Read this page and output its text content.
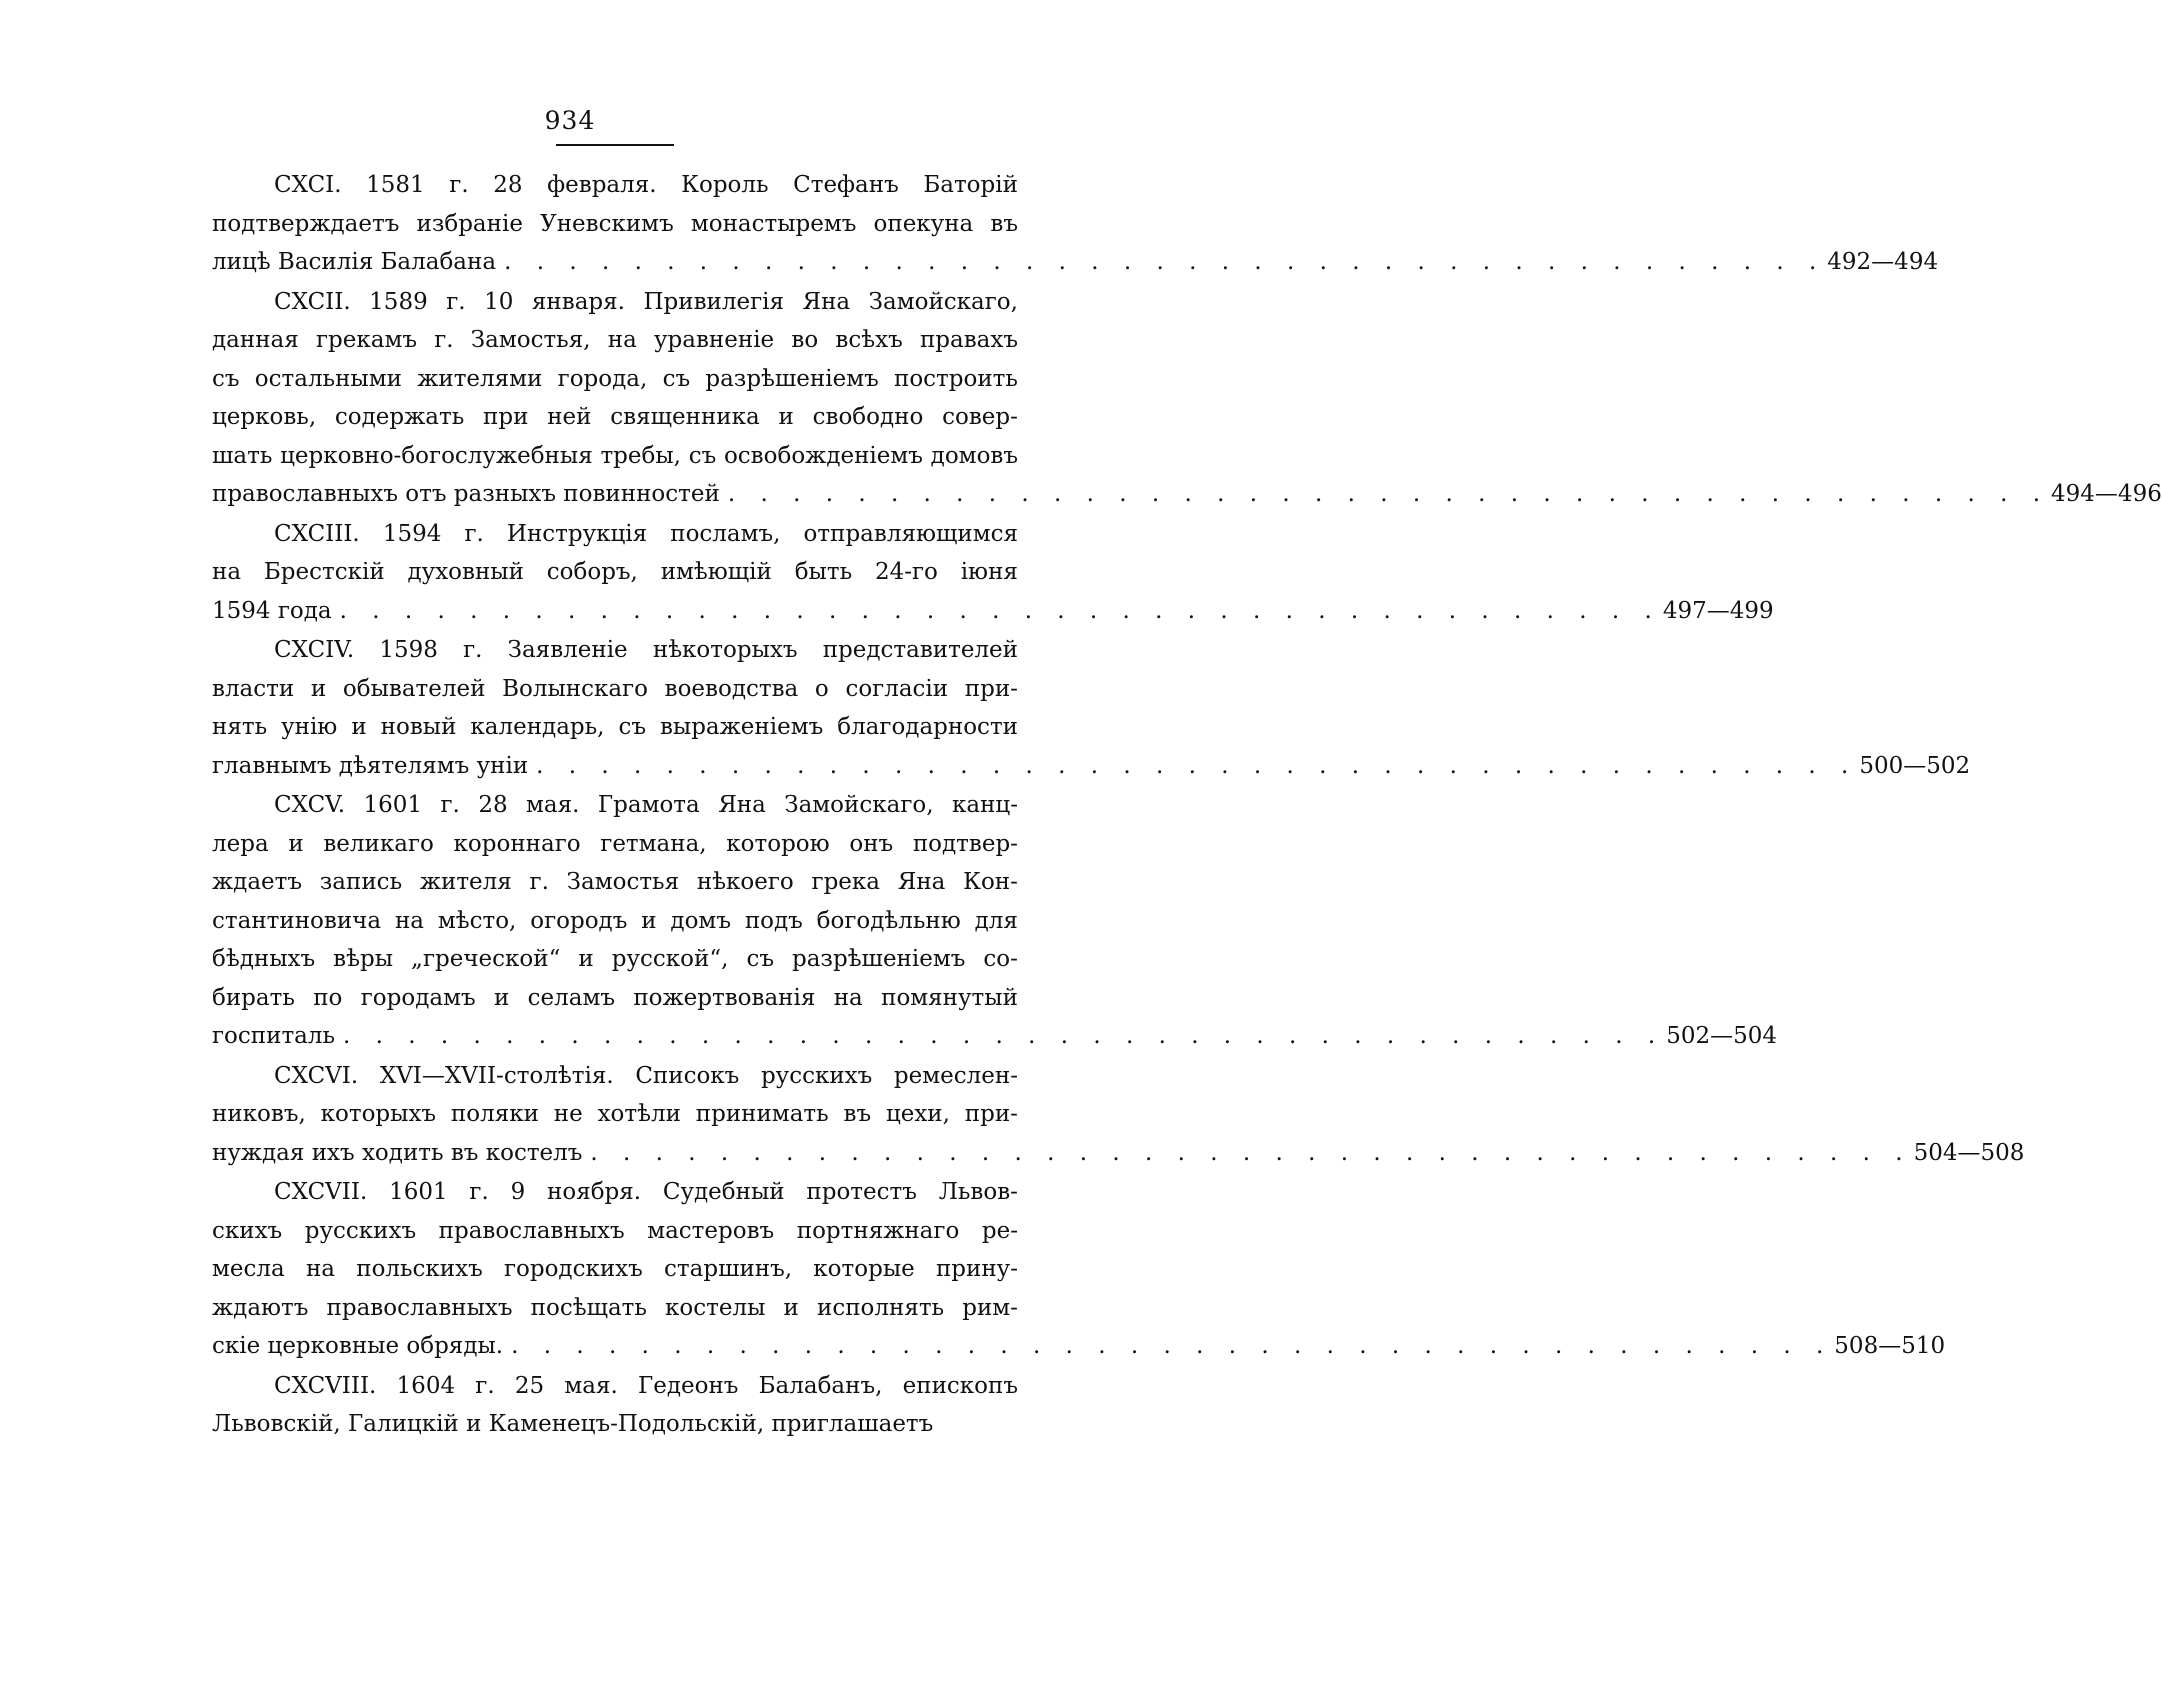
934
CXCI. 1581 г. 28 февраля. Король Стефанъ Баторій
подтверждаетъ избраніе Уневскимъ монастыремъ опекуна въ
лицѣ Василія Балабана . . . . . . . . . . . . . . . . . . . . . . . . . . . . . . . . . . . . . . . . . 492—494
CXCII. 1589 г. 10 января. Привилегія Яна Замойскаго,
данная грекамъ г. Замостья, на уравненіе во всѣхъ правахъ
съ остальными жителями города, съ разрѣшеніемъ построить
церковь, содержать при ней священника и свободно совер-
шать церковно-богослужебныя требы, съ освобожденіемъ домовъ
православныхъ отъ разныхъ повинностей . . . . . . . . . . . . . . . . . . . . . . . . . . . . . . . . . . . . . . . . . 494—496
CXCIII. 1594 г. Инструкція посламъ, отправляющимся
на Брестскій духовный соборъ, имѣющій быть 24-го іюня
1594 года . . . . . . . . . . . . . . . . . . . . . . . . . . . . . . . . . . . . . . . . . 497—499
CXCIV. 1598 г. Заявленіе нѣкоторыхъ представителей
власти и обывателей Волынскаго воеводства о согласіи при-
нять унію и новый календарь, съ выраженіемъ благодарности
главнымъ дѣятелямъ уніи . . . . . . . . . . . . . . . . . . . . . . . . . . . . . . . . . . . . . . . . . 500—502
CXCV. 1601 г. 28 мая. Грамота Яна Замойскаго, канц-
лера и великаго короннаго гетмана, которою онъ подтвер-
ждаетъ запись жителя г. Замостья нѣкоего грека Яна Кон-
стантиновича на мѣсто, огородъ и домъ подъ богодѣльню для
бѣдныхъ вѣры „греческой“ и русской“, съ разрѣшеніемъ со-
бирать по городамъ и селамъ пожертвованія на помянутый
госпиталь . . . . . . . . . . . . . . . . . . . . . . . . . . . . . . . . . . . . . . . . . 502—504
CXCVI. XVI—XVII-столѣтія. Списокъ русскихъ ремеслен-
никовъ, которыхъ поляки не хотѣли принимать въ цехи, при-
нуждая ихъ ходить въ костелъ . . . . . . . . . . . . . . . . . . . . . . . . . . . . . . . . . . . . . . . . . 504—508
CXCVII. 1601 г. 9 ноября. Судебный протестъ Львов-
скихъ русскихъ православныхъ мастеровъ портняжнаго ре-
месла на польскихъ городскихъ старшинъ, которые прину-
ждаютъ православныхъ посѣщать костелы и исполнять рим-
скіе церковные обряды. . . . . . . . . . . . . . . . . . . . . . . . . . . . . . . . . . . . . . . . . . 508—510
CXCVIII. 1604 г. 25 мая. Гедеонъ Балабанъ, епископъ
Львовскій, Галицкій и Каменецъ-Подольскій, приглашаетъ
